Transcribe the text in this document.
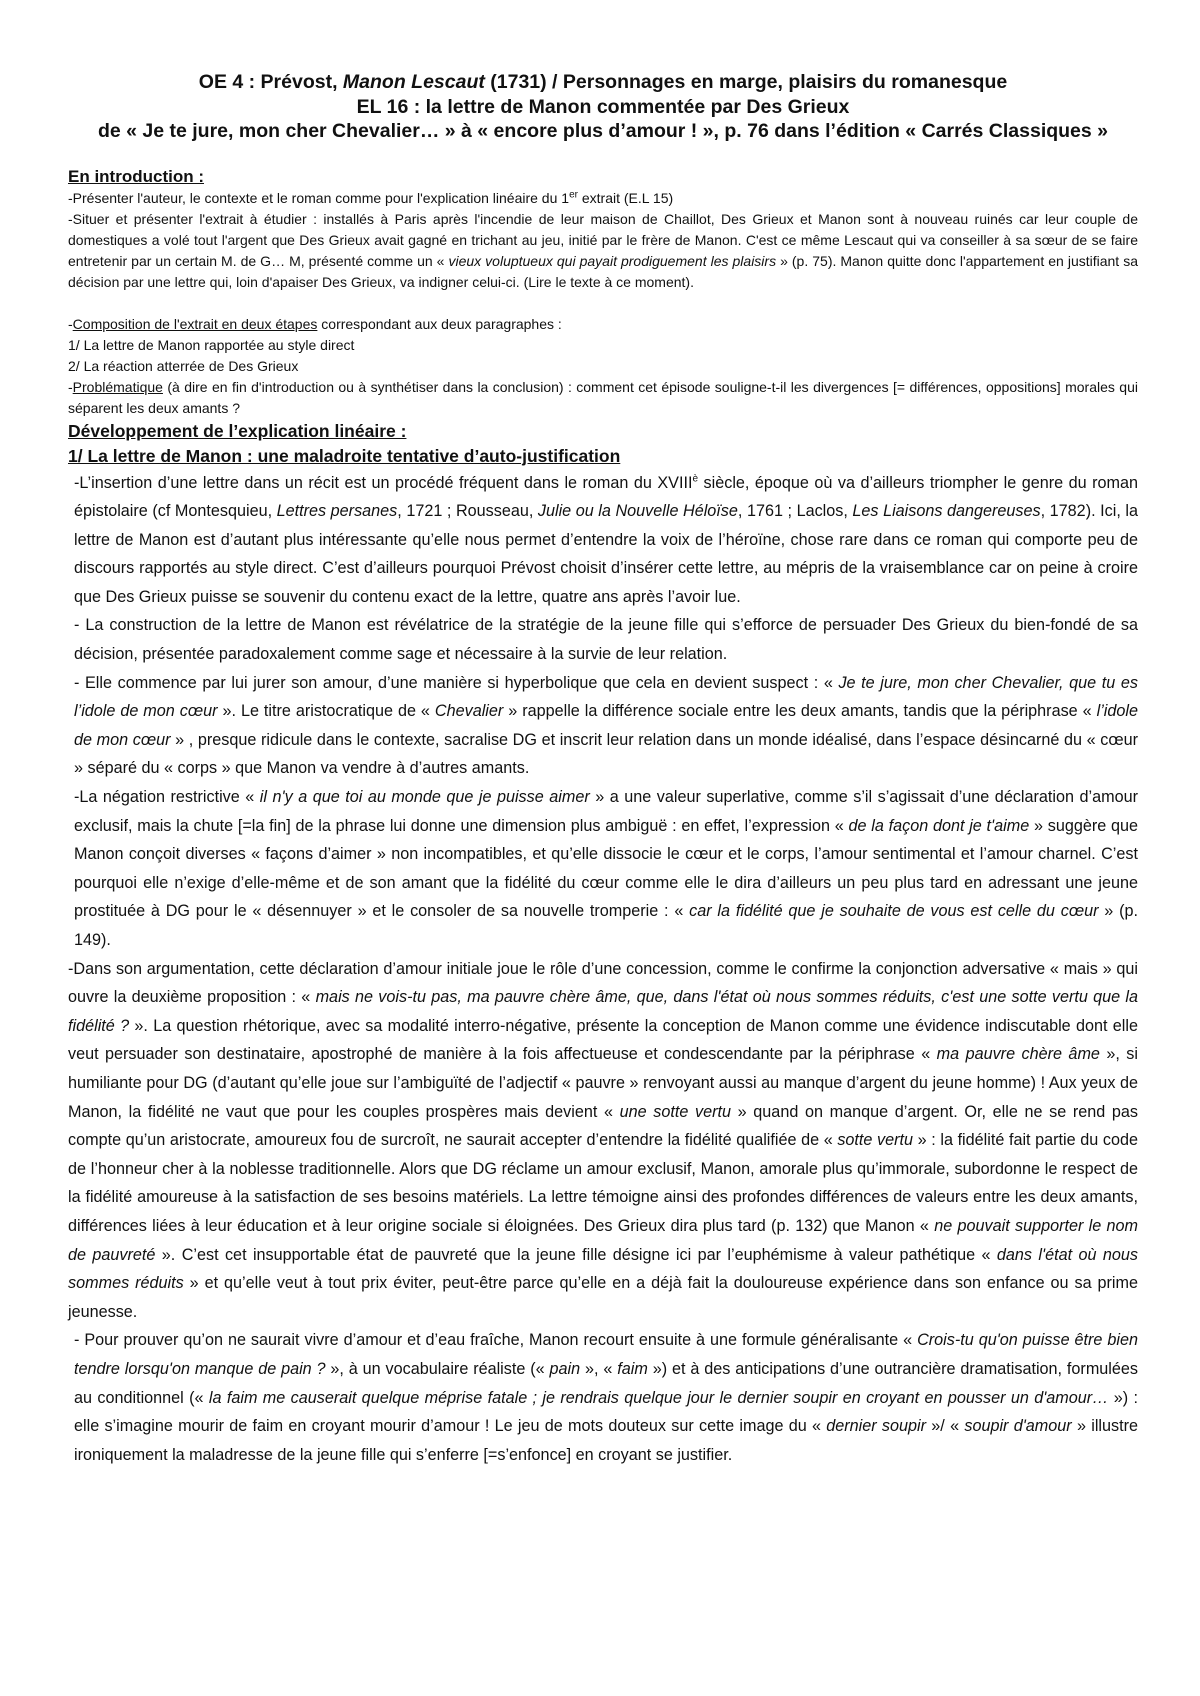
OE 4 : Prévost, Manon Lescaut (1731) / Personnages en marge, plaisirs du romanesque
EL 16 : la lettre de Manon commentée par Des Grieux
de « Je te jure, mon cher Chevalier… » à « encore plus d’amour ! », p. 76 dans l’édition « Carrés Classiques »
En introduction :

-Présenter l'auteur, le contexte et le roman comme pour l'explication linéaire du 1er extrait (E.L 15)

-Situer et présenter l'extrait à étudier : installés à Paris après l'incendie de leur maison de Chaillot, Des Grieux et Manon sont à nouveau ruinés car leur couple de domestiques a volé tout l'argent que Des Grieux avait gagné en trichant au jeu, initié par le frère de Manon. C'est ce même Lescaut qui va conseiller à sa sœur de se faire entretenir par un certain M. de G… M, présenté comme un « vieux voluptueux qui payait prodiguement les plaisirs » (p. 75). Manon quitte donc l'appartement en justifiant sa décision par une lettre qui, loin d'apaiser Des Grieux, va indigner celui-ci. (Lire le texte à ce moment).

-Composition de l'extrait en deux étapes correspondant aux deux paragraphes :

1/ La lettre de Manon rapportée au style direct

2/ La réaction atterrée de Des Grieux

-Problématique (à dire en fin d'introduction ou à synthétiser dans la conclusion) : comment cet épisode souligne-t-il les divergences [= différences, oppositions] morales qui séparent les deux amants ?

Développement de l’explication linéaire :
1/ La lettre de Manon : une maladroite tentative d’auto-justification

-L’insertion d’une lettre dans un récit est un procédé fréquent dans le roman du $XVIII^è$ siècle, époque où va d’ailleurs triompher le genre du roman épistolaire (cf Montesquieu, Lettres persanes, 1721 ; Rousseau, Julie ou la Nouvelle Héloïse, 1761 ; Laclos, Les Liaisons dangereuses, 1782). Ici, la lettre de Manon est d’autant plus intéressante qu’elle nous permet d’entendre la voix de l’héroïne, chose rare dans ce roman qui comporte peu de discours rapportés au style direct. C’est d’ailleurs pourquoi Prévost choisit d’insérer cette lettre, au mépris de la vraisemblance car on peine à croire que Des Grieux puisse se souvenir du contenu exact de la lettre, quatre ans après l’avoir lue.

- La construction de la lettre de Manon est révélatrice de la stratégie de la jeune fille qui s’efforce de persuader Des Grieux du bien-fondé de sa décision, présentée paradoxalement comme sage et nécessaire à la survie de leur relation.

- Elle commence par lui jurer son amour, d’une manière si hyperbolique que cela en devient suspect : « Je te jure, mon cher Chevalier, que tu es l’idole de mon cœur ». Le titre aristocratique de « Chevalier » rappelle la différence sociale entre les deux amants, tandis que la périphrase « l’idole de mon cœur » , presque ridicule dans le contexte, sacralise DG et inscrit leur relation dans un monde idéalisé, dans l’espace désincarné du « cœur » séparé du « corps » que Manon va vendre à d’autres amants.

-La négation restrictive « il n'y a que toi au monde que je puisse aimer » a une valeur superlative, comme s’il s’agissait d’une déclaration d’amour exclusif, mais la chute [=la fin] de la phrase lui donne une dimension plus ambiguë : en effet, l’expression « de la façon dont je t'aime » suggère que Manon conçoit diverses « façons d’aimer » non incompatibles, et qu’elle dissocie le cœur et le corps, l’amour sentimental et l’amour charnel. C’est pourquoi elle n’exige d’elle-même et de son amant que la fidélité du cœur comme elle le dira d’ailleurs un peu plus tard en adressant une jeune prostituée à DG pour le « désennuyer » et le consoler de sa nouvelle tromperie : « car la fidélité que je souhaite de vous est celle du cœur » (p. 149).

-Dans son argumentation, cette déclaration d’amour initiale joue le rôle d’une concession, comme le confirme la conjonction adversative « mais » qui ouvre la deuxième proposition : « mais ne vois-tu pas, ma pauvre chère âme, que, dans l'état où nous sommes réduits, c'est une sotte vertu que la fidélité ? ». La question rhétorique, avec sa modalité interro-négative, présente la conception de Manon comme une évidence indiscutable dont elle veut persuader son destinataire, apostrophé de manière à la fois affectueuse et condescendante par la périphrase « ma pauvre chère âme », si humiliante pour DG (d’autant qu’elle joue sur l’ambiguïté de l’adjectif « pauvre » renvoyant aussi au manque d’argent du jeune homme) ! Aux yeux de Manon, la fidélité ne vaut que pour les couples prospères mais devient « une sotte vertu » quand on manque d’argent. Or, elle ne se rend pas compte qu’un aristocrate, amoureux fou de surcroît, ne saurait accepter d’entendre la fidélité qualifiée de « sotte vertu » : la fidélité fait partie du code de l’honneur cher à la noblesse traditionnelle. Alors que DG réclame un amour exclusif, Manon, amorale plus qu’immorale, subordonne le respect de la fidélité amoureuse à la satisfaction de ses besoins matériels. La lettre témoigne ainsi des profondes différences de valeurs entre les deux amants, différences liées à leur éducation et à leur origine sociale si éloignées. Des Grieux dira plus tard (p. 132) que Manon « ne pouvait supporter le nom de pauvreté ». C’est cet insupportable état de pauvreté que la jeune fille désigne ici par l’euphémisme à valeur pathétique « dans l'état où nous sommes réduits » et qu’elle veut à tout prix éviter, peut-être parce qu’elle en a déjà fait la douloureuse expérience dans son enfance ou sa prime jeunesse.

- Pour prouver qu’on ne saurait vivre d’amour et d’eau fraîche, Manon recourt ensuite à une formule généralisante « Crois-tu qu'on puisse être bien tendre lorsqu'on manque de pain ? », à un vocabulaire réaliste (« pain », « faim ») et à des anticipations d’une outrancière dramatisation, formulées au conditionnel (« la faim me causerait quelque méprise fatale ; je rendrais quelque jour le dernier soupir en croyant en pousser un d'amour… ») : elle s’imagine mourir de faim en croyant mourir d’amour ! Le jeu de mots douteux sur cette image du « dernier soupir »/ « soupir d'amour » illustre ironiquement la maladresse de la jeune fille qui s’enferre [=s’enfonce] en croyant se justifier.
